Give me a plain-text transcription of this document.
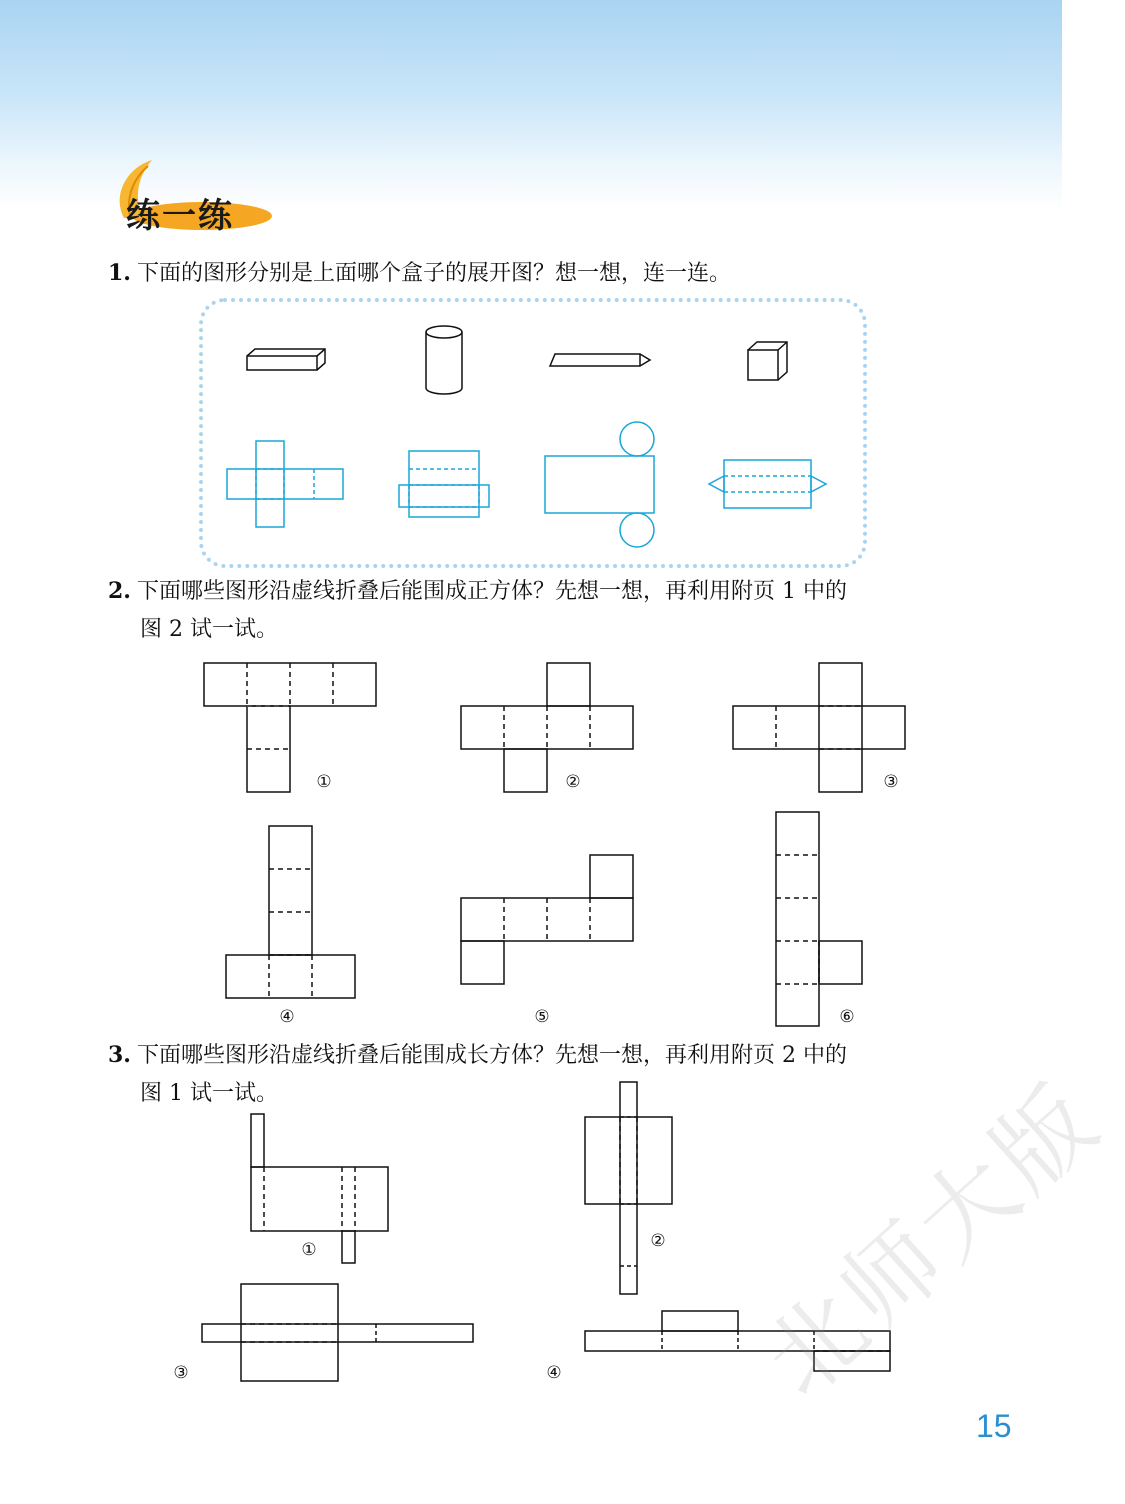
练一练
1. 下面的图形分别是上面哪个盒子的展开图？想一想，连一连。
2. 下面哪些图形沿虚线折叠后能围成正方体？先想一想，再利用附页 1 中的
图 2 试一试。
①	②	③
④	⑤	⑥
3. 下面哪些图形沿虚线折叠后能围成长方体？先想一想，再利用附页 2 中的
图 1 试一试。
①	②
③	④ 北师大版
15
